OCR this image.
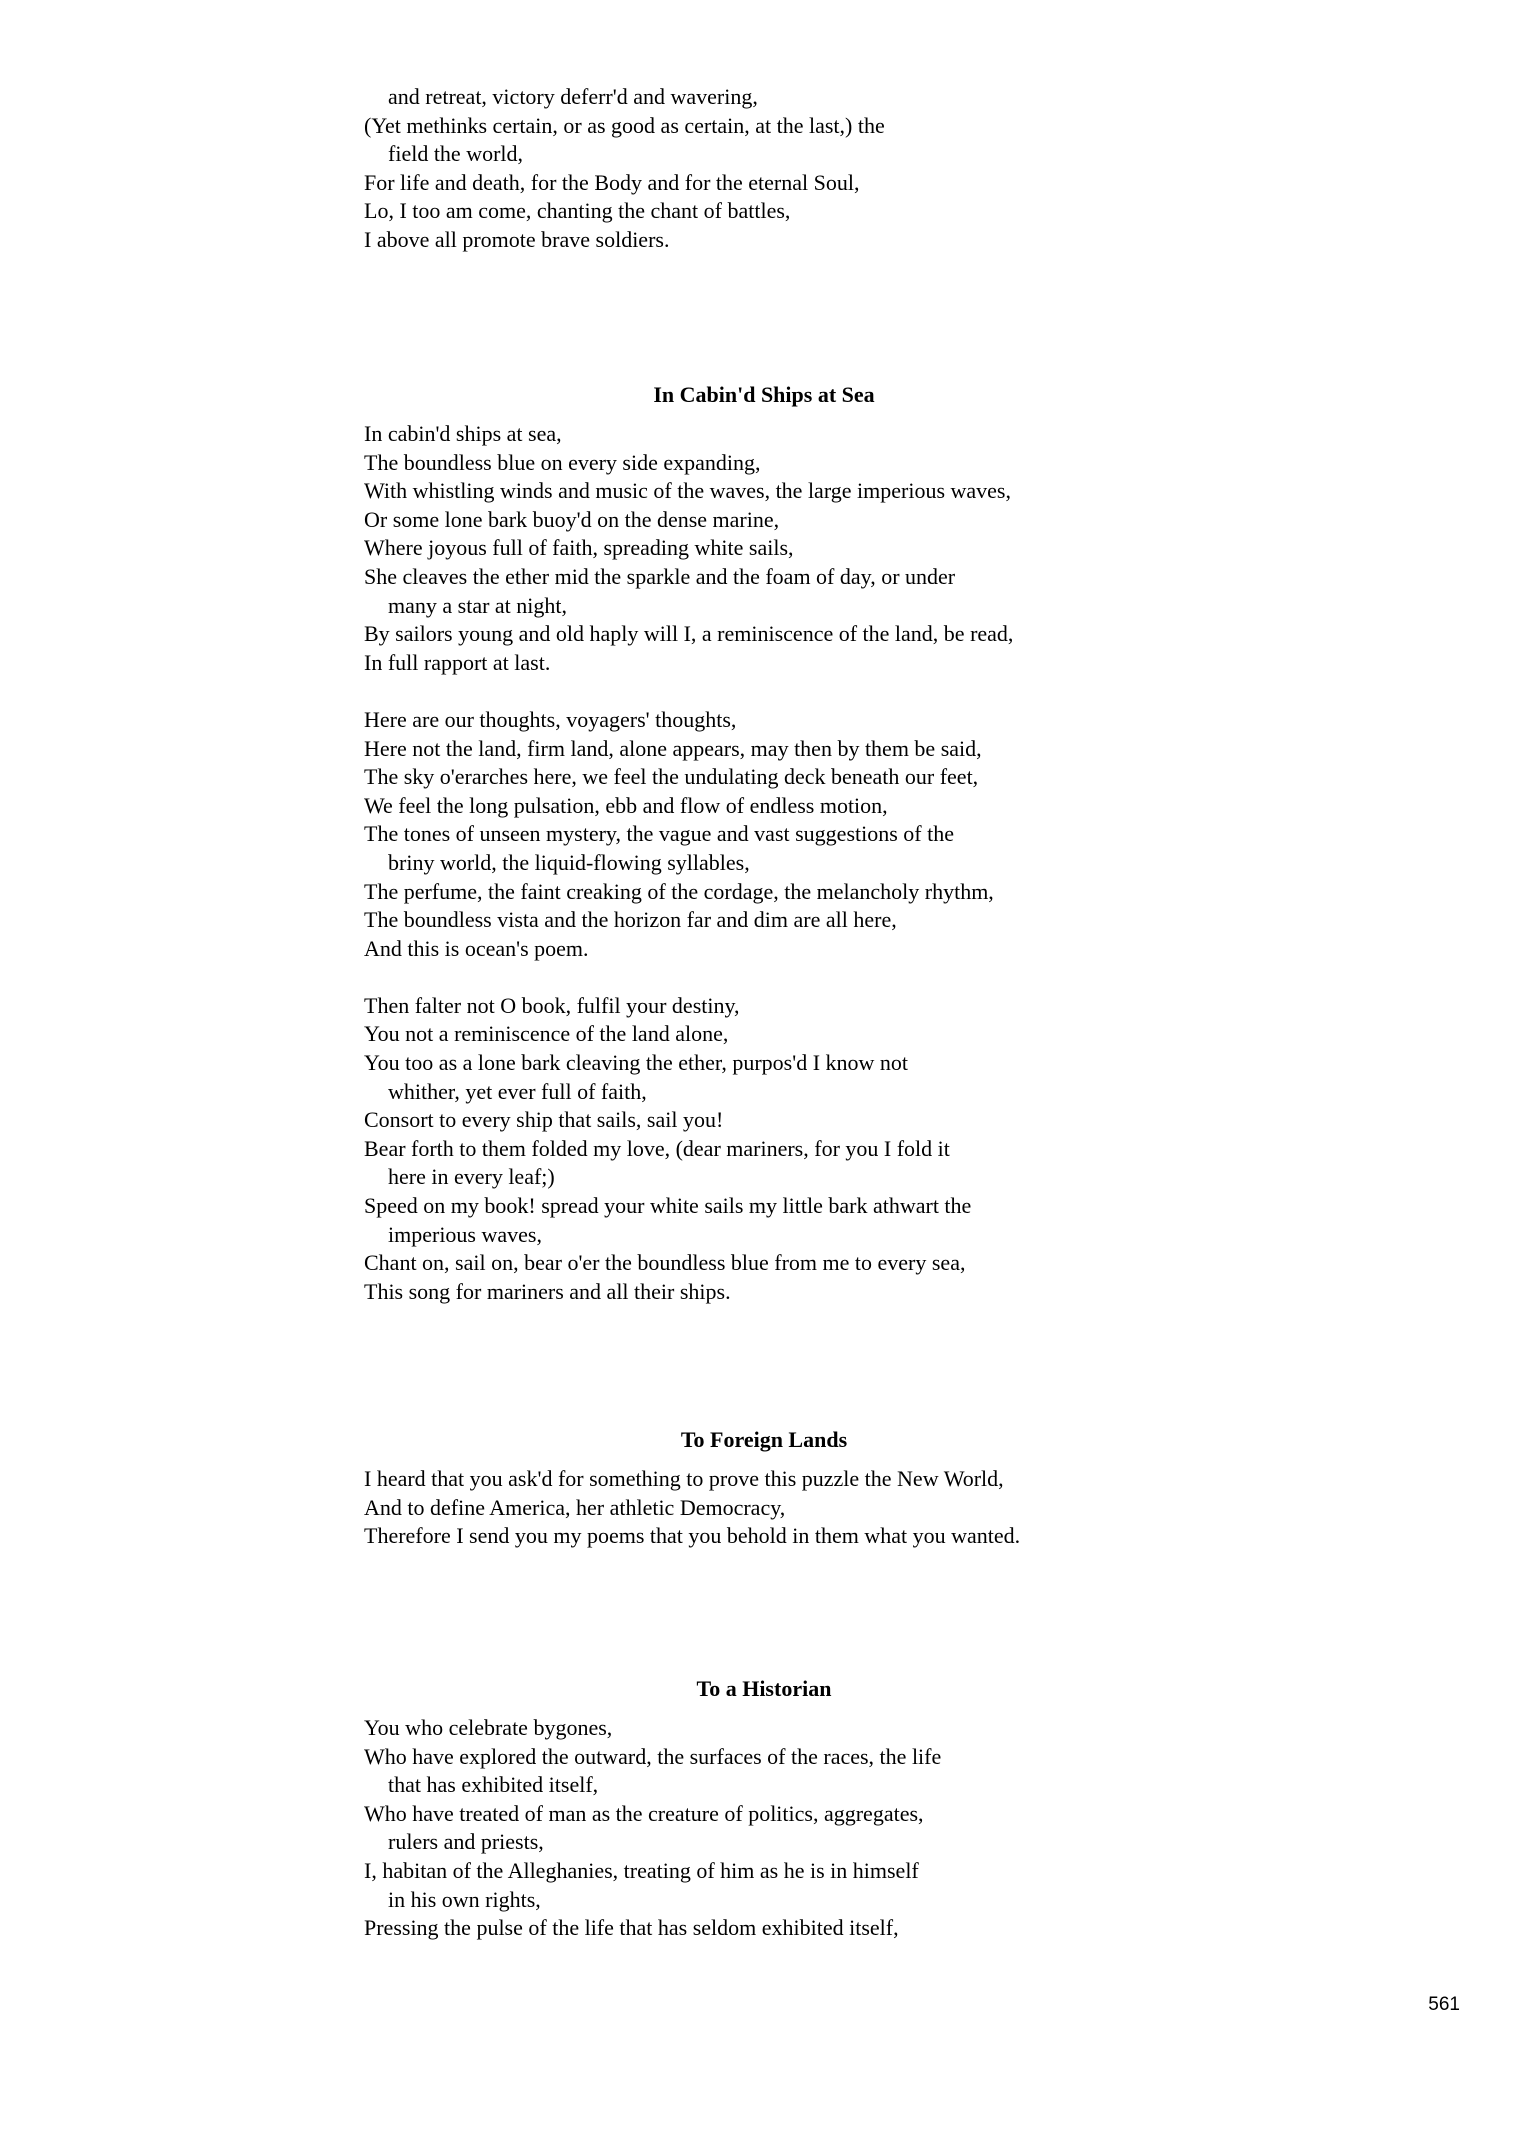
and retreat, victory deferr'd and wavering,
(Yet methinks certain, or as good as certain, at the last,) the
field the world,
For life and death, for the Body and for the eternal Soul,
Lo, I too am come, chanting the chant of battles,
I above all promote brave soldiers.
In Cabin'd Ships at Sea
In cabin'd ships at sea,
The boundless blue on every side expanding,
With whistling winds and music of the waves, the large imperious waves,
Or some lone bark buoy'd on the dense marine,
Where joyous full of faith, spreading white sails,
She cleaves the ether mid the sparkle and the foam of day, or under
many a star at night,
By sailors young and old haply will I, a reminiscence of the land, be read,
In full rapport at last.
Here are our thoughts, voyagers' thoughts,
Here not the land, firm land, alone appears, may then by them be said,
The sky o'erarches here, we feel the undulating deck beneath our feet,
We feel the long pulsation, ebb and flow of endless motion,
The tones of unseen mystery, the vague and vast suggestions of the
briny world, the liquid-flowing syllables,
The perfume, the faint creaking of the cordage, the melancholy rhythm,
The boundless vista and the horizon far and dim are all here,
And this is ocean's poem.
Then falter not O book, fulfil your destiny,
You not a reminiscence of the land alone,
You too as a lone bark cleaving the ether, purpos'd I know not
whither, yet ever full of faith,
Consort to every ship that sails, sail you!
Bear forth to them folded my love, (dear mariners, for you I fold it
here in every leaf;)
Speed on my book! spread your white sails my little bark athwart the
imperious waves,
Chant on, sail on, bear o'er the boundless blue from me to every sea,
This song for mariners and all their ships.
To Foreign Lands
I heard that you ask'd for something to prove this puzzle the New World,
And to define America, her athletic Democracy,
Therefore I send you my poems that you behold in them what you wanted.
To a Historian
You who celebrate bygones,
Who have explored the outward, the surfaces of the races, the life
that has exhibited itself,
Who have treated of man as the creature of politics, aggregates,
rulers and priests,
I, habitan of the Alleghanies, treating of him as he is in himself
in his own rights,
Pressing the pulse of the life that has seldom exhibited itself,
561
